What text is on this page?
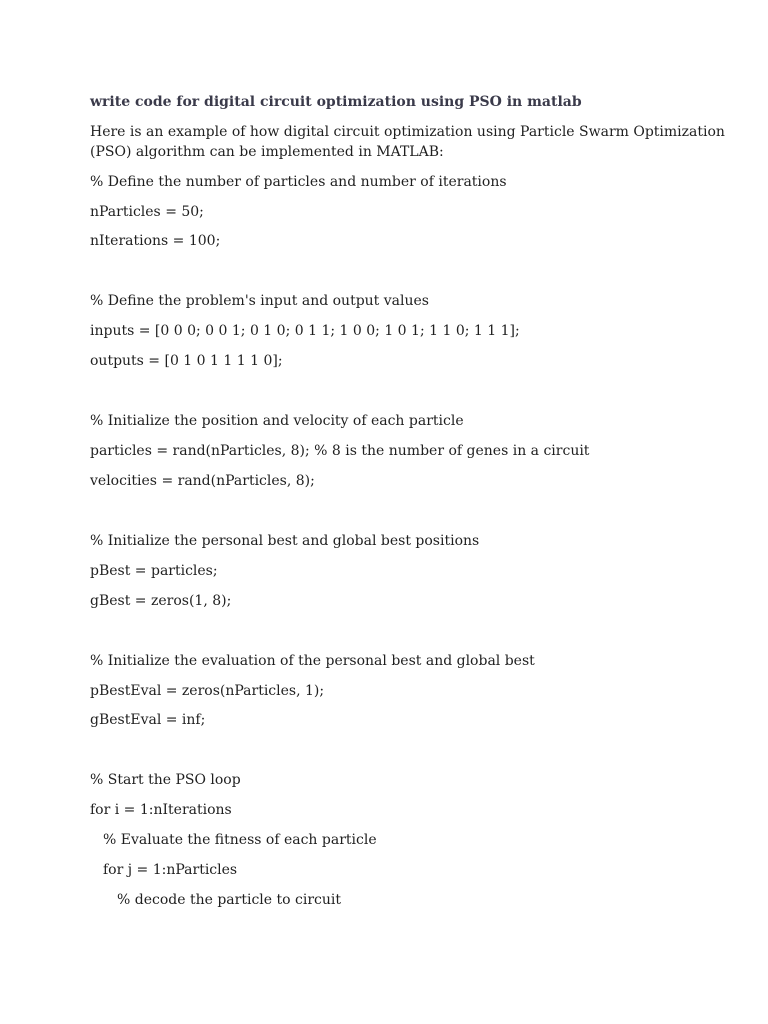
write code for digital circuit optimization using PSO in matlab

Here is an example of how digital circuit optimization using Particle Swarm Optimization

(PSO) algorithm can be implemented in MATLAB:

% Define the number of particles and number of iterations

nParticles = 50;

nIterations = 100;

% Define the problem's input and output values

inputs = [0 0 0; 0 0 1; 0 1 0; 0 1 1; 1 0 0; 1 0 1; 1 1 0; 1 1 1];

outputs = [0 1 0 1 1 1 1 0];

% Initialize the position and velocity of each particle

particles = rand(nParticles, 8); % 8 is the number of genes in a circuit

velocities = rand(nParticles, 8);

% Initialize the personal best and global best positions

pBest = particles;

gBest = zeros(1, 8);

% Initialize the evaluation of the personal best and global best

pBestEval = zeros(nParticles, 1);

gBestEval = inf;

% Start the PSO loop

for i = 1:nIterations

% Evaluate the fitness of each particle

for j = 1:nParticles

% decode the particle to circuit
